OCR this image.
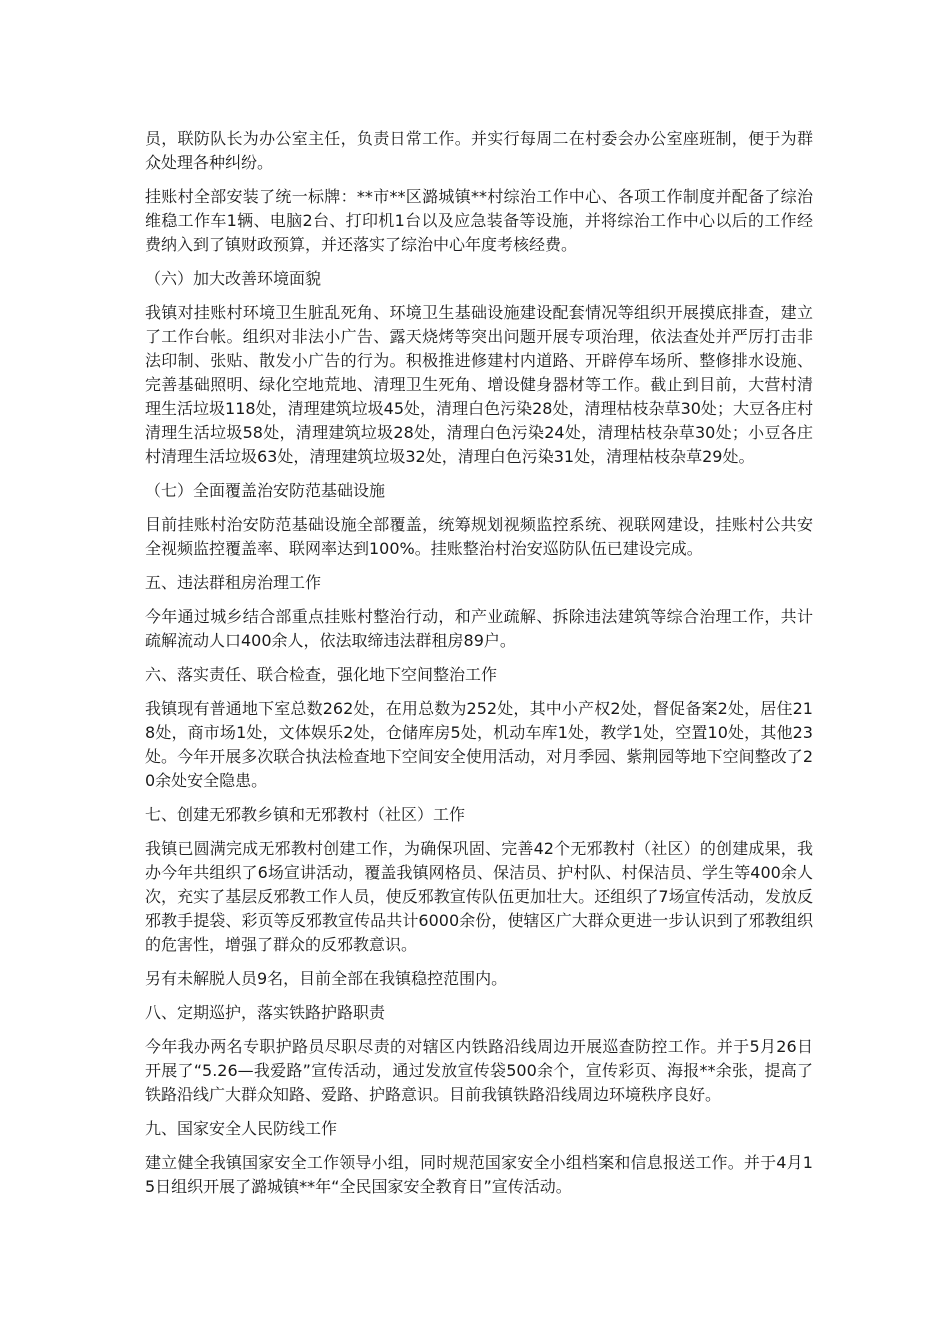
员，联防队长为办公室主任，负责日常工作。并实行每周二在村委会办公室座班制，便于为群众处理各种纠纷。

挂账村全部安装了统一标牌：**市**区潞城镇**村综治工作中心、各项工作制度并配备了综治维稳工作车1辆、电脑2台、打印机1台以及应急装备等设施，并将综治工作中心以后的工作经费纳入到了镇财政预算，并还落实了综治中心年度考核经费。

（六）加大改善环境面貌

我镇对挂账村环境卫生脏乱死角、环境卫生基础设施建设配套情况等组织开展摸底排查，建立了工作台帐。组织对非法小广告、露天烧烤等突出问题开展专项治理，依法查处并严厉打击非法印制、张贴、散发小广告的行为。积极推进修建村内道路、开辟停车场所、整修排水设施、完善基础照明、绿化空地荒地、清理卫生死角、增设健身器材等工作。截止到目前，大营村清理生活垃圾118处，清理建筑垃圾45处，清理白色污染28处，清理枯枝杂草30处；大豆各庄村清理生活垃圾58处，清理建筑垃圾28处，清理白色污染24处，清理枯枝杂草30处；小豆各庄村清理生活垃圾63处，清理建筑垃圾32处，清理白色污染31处，清理枯枝杂草29处。

（七）全面覆盖治安防范基础设施

目前挂账村治安防范基础设施全部覆盖，统筹规划视频监控系统、视联网建设，挂账村公共安全视频监控覆盖率、联网率达到100%。挂账整治村治安巡防队伍已建设完成。

五、违法群租房治理工作

今年通过城乡结合部重点挂账村整治行动，和产业疏解、拆除违法建筑等综合治理工作，共计疏解流动人口400余人，依法取缔违法群租房89户。

六、落实责任、联合检查，强化地下空间整治工作

我镇现有普通地下室总数262处，在用总数为252处，其中小产权2处，督促备案2处，居住218处，商市场1处，文体娱乐2处，仓储库房5处，机动车库1处，教学1处，空置10处，其他23处。今年开展多次联合执法检查地下空间安全使用活动，对月季园、紫荆园等地下空间整改了20余处安全隐患。

七、创建无邪教乡镇和无邪教村（社区）工作

我镇已圆满完成无邪教村创建工作，为确保巩固、完善42个无邪教村（社区）的创建成果，我办今年共组织了6场宣讲活动，覆盖我镇网格员、保洁员、护村队、村保洁员、学生等400余人次，充实了基层反邪教工作人员，使反邪教宣传队伍更加壮大。还组织了7场宣传活动，发放反邪教手提袋、彩页等反邪教宣传品共计6000余份，使辖区广大群众更进一步认识到了邪教组织的危害性，增强了群众的反邪教意识。

另有未解脱人员9名，目前全部在我镇稳控范围内。

八、定期巡护，落实铁路护路职责

今年我办两名专职护路员尽职尽责的对辖区内铁路沿线周边开展巡查防控工作。并于5月26日开展了“5.26—我爱路”宣传活动，通过发放宣传袋500余个，宣传彩页、海报**余张，提高了铁路沿线广大群众知路、爱路、护路意识。目前我镇铁路沿线周边环境秩序良好。

九、国家安全人民防线工作

建立健全我镇国家安全工作领导小组，同时规范国家安全小组档案和信息报送工作。并于4月15日组织开展了潞城镇**年“全民国家安全教育日”宣传活动。
